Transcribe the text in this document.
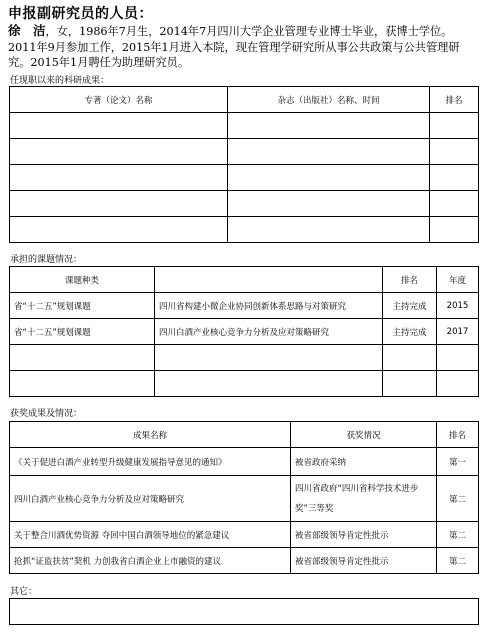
申报副研究员的人员：
徐　洁，女，1986年7月生，2014年7月四川大学企业管理专业博士毕业，获博士学位。2011年9月参加工作，2015年1月进入本院，现在管理学研究所从事公共政策与公共管理研究。2015年1月聘任为助理研究员。
任现职以来的科研成果：
专著（论文）名称	杂志（出版社）名称、时间	排名

承担的课题情况：
课题种类		排名	年度
省“十二五”规划课题	四川省构建小微企业协同创新体系思路与对策研究	主持完成	2015
省“十二五”规划课题	四川白酒产业核心竞争力分析及应对策略研究	主持完成	2017

获奖成果及情况：
成果名称	获奖情况	排名
《关于促进白酒产业转型升级健康发展指导意见的通知》	被省政府采纳	第一
四川白酒产业核心竞争力分析及应对策略研究	四川省政府“四川省科学技术进步奖”三等奖	第二
关于整合川酒优势资源 夺回中国白酒领导地位的紧急建议	被省部级领导肯定性批示	第二
抢抓“证监扶贫”契机 力创我省白酒企业上市融资的建议	被省部级领导肯定性批示	第二
其它：
